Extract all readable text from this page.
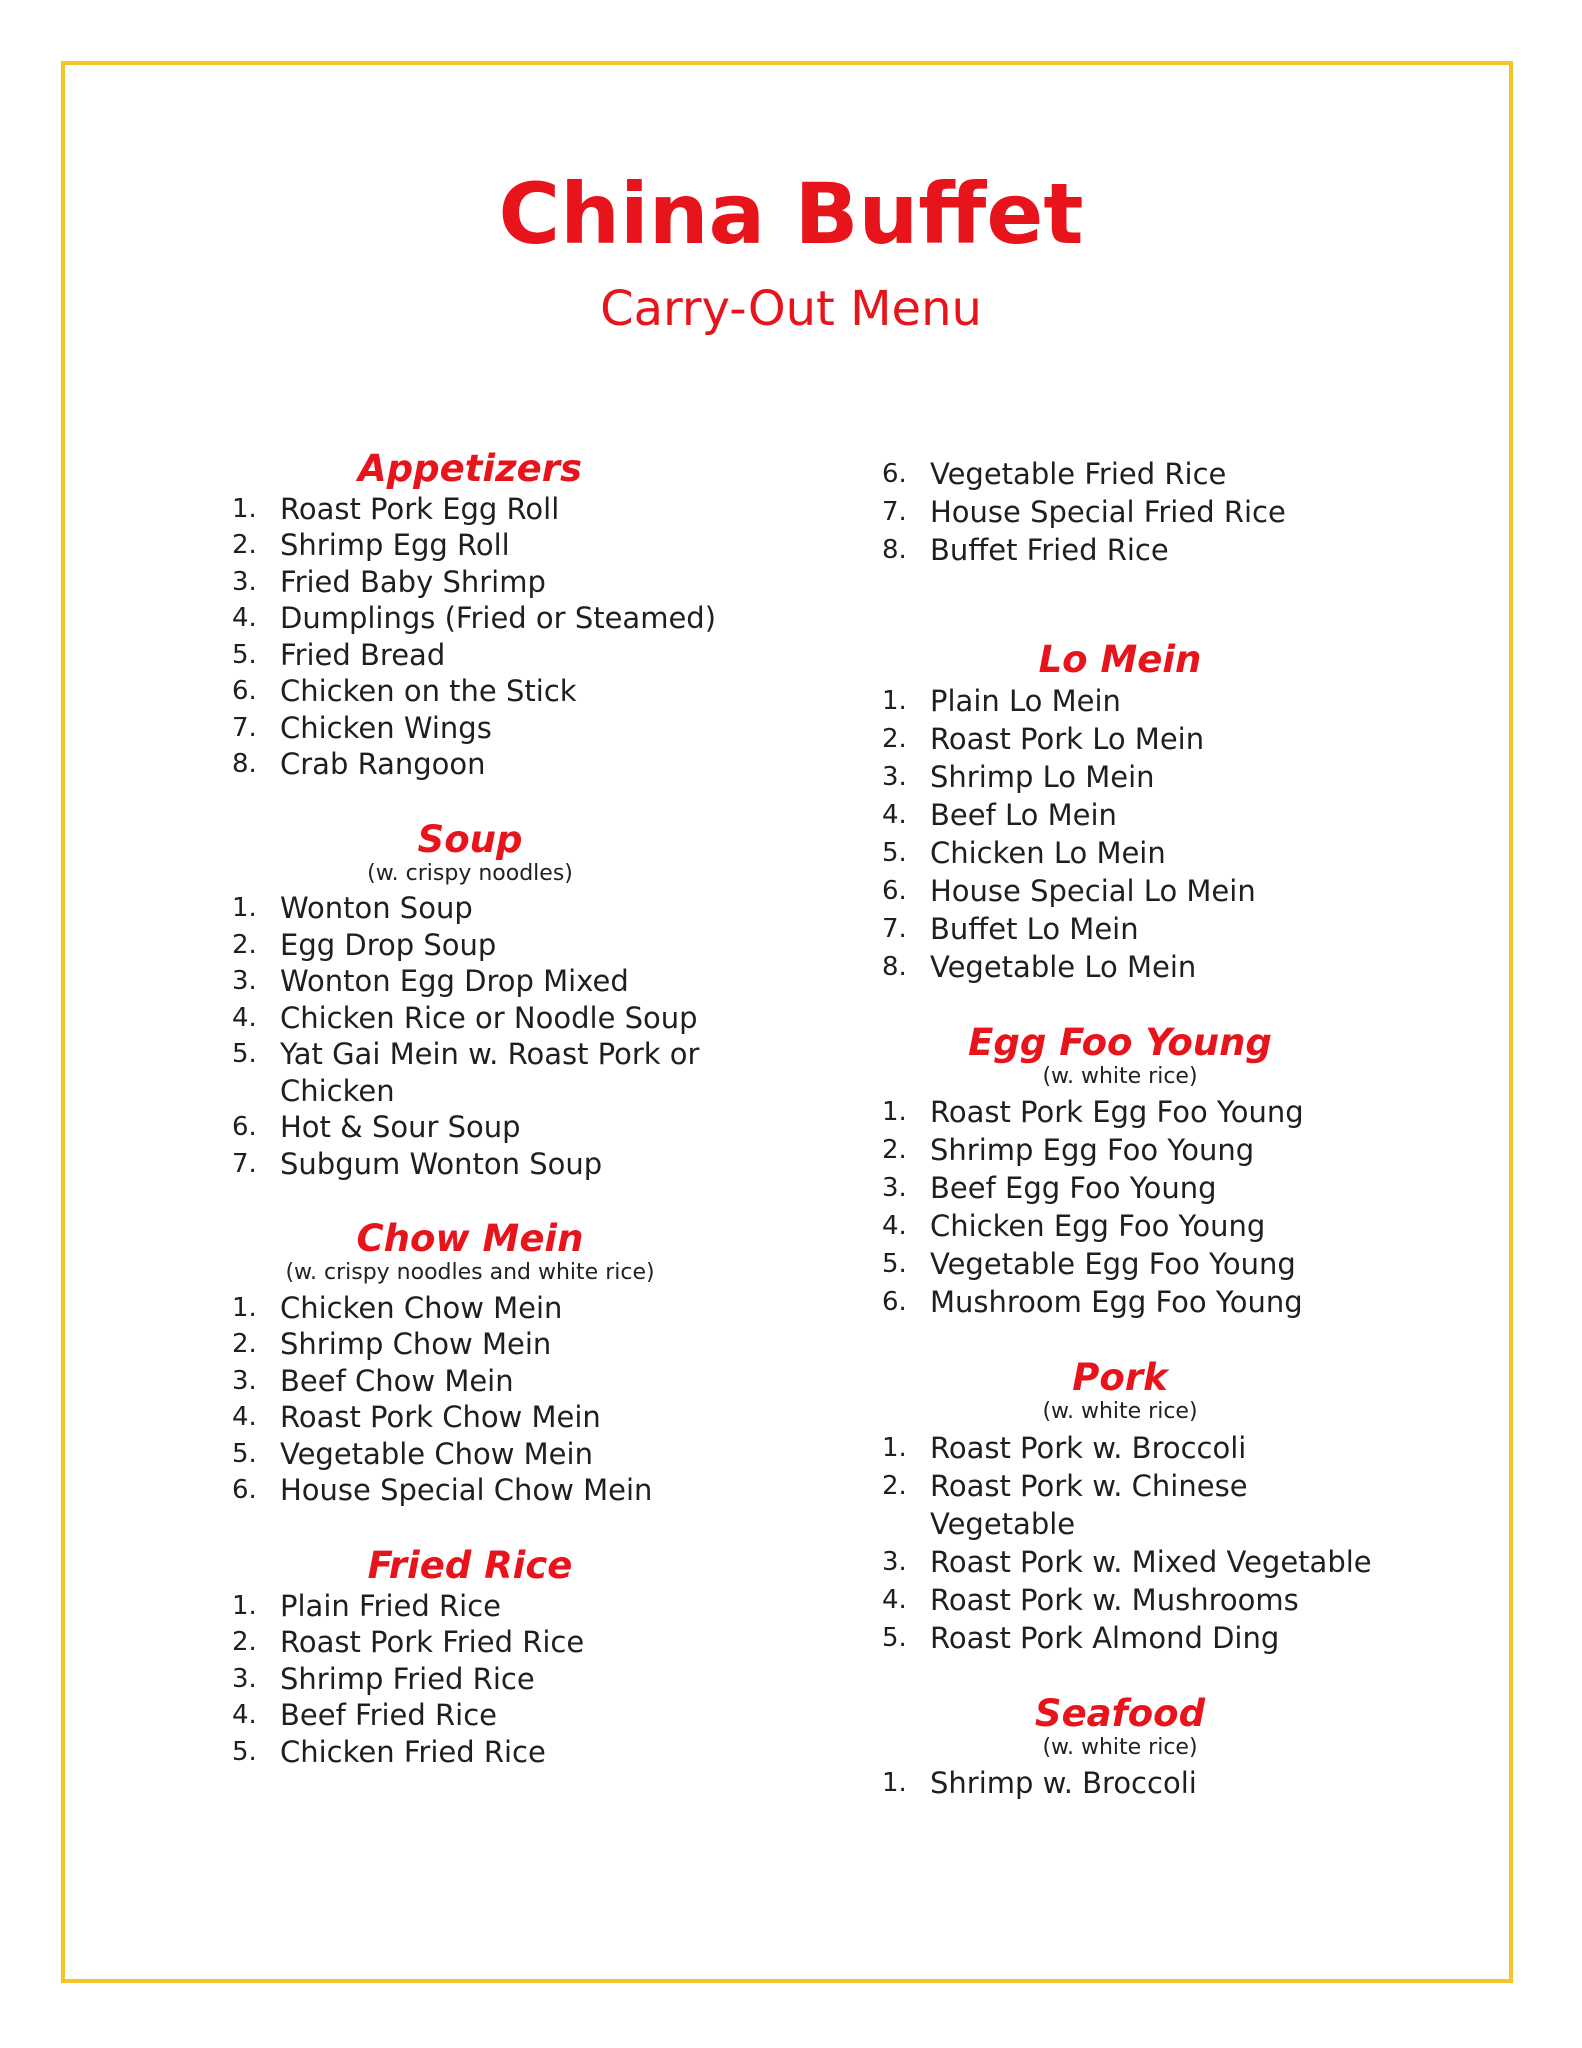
China Buffet
Carry-Out Menu
Appetizers
1. Roast Pork Egg Roll
2. Shrimp Egg Roll
3. Fried Baby Shrimp
4. Dumplings (Fried or Steamed)
5. Fried Bread
6. Chicken on the Stick
7. Chicken Wings
8. Crab Rangoon
Soup
(w. crispy noodles)
1. Wonton Soup
2. Egg Drop Soup
3. Wonton Egg Drop Mixed
4. Chicken Rice or Noodle Soup
5. Yat Gai Mein w. Roast Pork or Chicken
6. Hot & Sour Soup
7. Subgum Wonton Soup
Chow Mein
(w. crispy noodles and white rice)
1. Chicken Chow Mein
2. Shrimp Chow Mein
3. Beef Chow Mein
4. Roast Pork Chow Mein
5. Vegetable Chow Mein
6. House Special Chow Mein
Fried Rice
1. Plain Fried Rice
2. Roast Pork Fried Rice
3. Shrimp Fried Rice
4. Beef Fried Rice
5. Chicken Fried Rice
6. Vegetable Fried Rice
7. House Special Fried Rice
8. Buffet Fried Rice
Lo Mein
1. Plain Lo Mein
2. Roast Pork Lo Mein
3. Shrimp Lo Mein
4. Beef Lo Mein
5. Chicken Lo Mein
6. House Special Lo Mein
7. Buffet Lo Mein
8. Vegetable Lo Mein
Egg Foo Young
(w. white rice)
1. Roast Pork Egg Foo Young
2. Shrimp Egg Foo Young
3. Beef Egg Foo Young
4. Chicken Egg Foo Young
5. Vegetable Egg Foo Young
6. Mushroom Egg Foo Young
Pork
(w. white rice)
1. Roast Pork w. Broccoli
2. Roast Pork w. Chinese Vegetable
3. Roast Pork w. Mixed Vegetable
4. Roast Pork w. Mushrooms
5. Roast Pork Almond Ding
Seafood
(w. white rice)
1. Shrimp w. Broccoli
